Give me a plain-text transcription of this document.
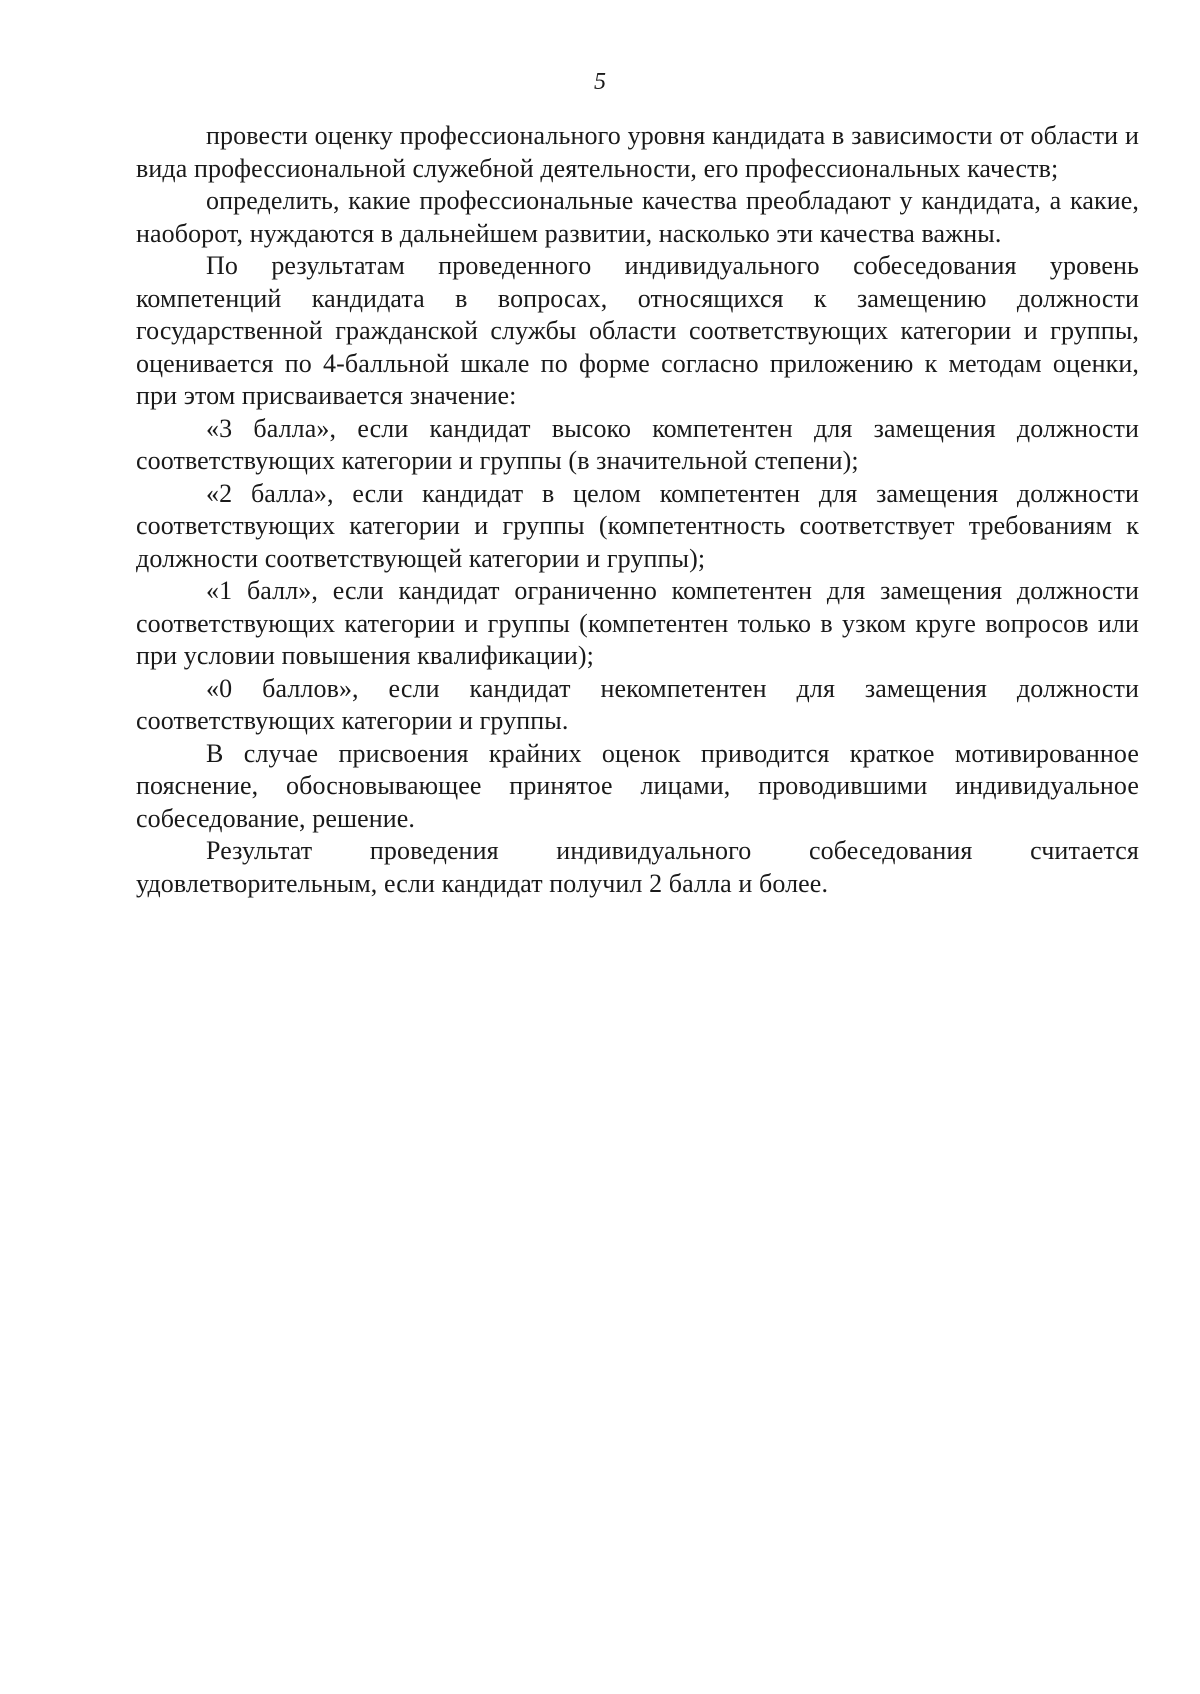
5

провести оценку профессионального уровня кандидата в зависимости от области и вида профессиональной служебной деятельности, его профессиональных качеств;

определить, какие профессиональные качества преобладают у кандидата, а какие, наоборот, нуждаются в дальнейшем развитии, насколько эти качества важны.

По результатам проведенного индивидуального собеседования уровень компетенций кандидата в вопросах, относящихся к замещению должности государственной гражданской службы области соответствующих категории и группы, оценивается по 4-балльной шкале по форме согласно приложению к методам оценки, при этом присваивается значение:

«3 балла», если кандидат высоко компетентен для замещения должности соответствующих категории и группы (в значительной степени);

«2 балла», если кандидат в целом компетентен для замещения должности соответствующих категории и группы (компетентность соответствует требованиям к должности соответствующей категории и группы);

«1 балл», если кандидат ограниченно компетентен для замещения должности соответствующих категории и группы (компетентен только в узком круге вопросов или при условии повышения квалификации);

«0 баллов», если кандидат некомпетентен для замещения должности соответствующих категории и группы.

В случае присвоения крайних оценок приводится краткое мотивированное пояснение, обосновывающее принятое лицами, проводившими индивидуальное собеседование, решение.

Результат проведения индивидуального собеседования считается удовлетворительным, если кандидат получил 2 балла и более.
